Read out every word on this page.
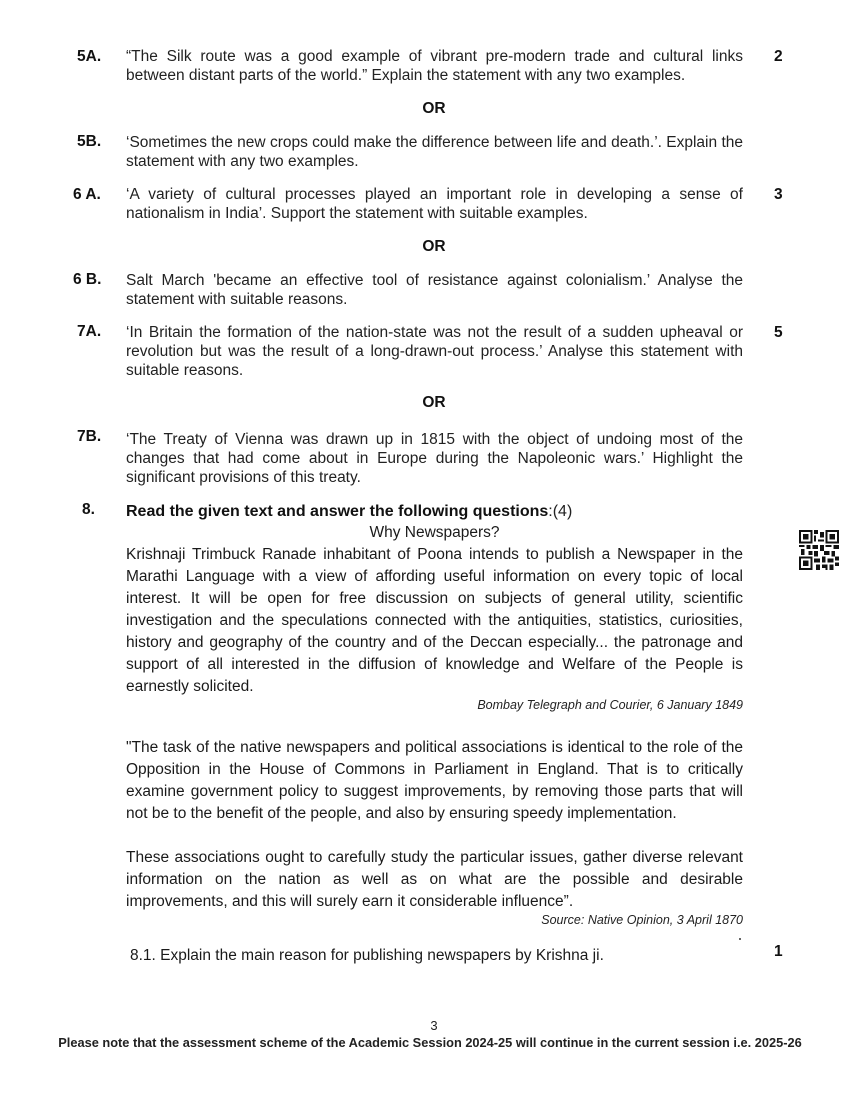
5A. “The Silk route was a good example of vibrant pre-modern trade and cultural links between distant parts of the world.” Explain the statement with any two examples.
2
OR
5B. ‘Sometimes the new crops could make the difference between life and death.’. Explain the statement with any two examples.
6 A. ‘A variety of cultural processes played an important role in developing a sense of nationalism in India’. Support the statement with suitable examples.
3
OR
6 B. Salt March 'became an effective tool of resistance against colonialism.’ Analyse the statement with suitable reasons.
7A. ‘In Britain the formation of the nation-state was not the result of a sudden upheaval or revolution but was the result of a long-drawn-out process.’ Analyse this statement with suitable reasons.
5
OR
7B. ‘The Treaty of Vienna was drawn up in 1815 with the object of undoing most of the changes that had come about in Europe during the Napoleonic wars.’ Highlight the significant provisions of this treaty.
8. Read the given text and answer the following questions:(4)
Why Newspapers?
Krishnaji Trimbuck Ranade inhabitant of Poona intends to publish a Newspaper in the Marathi Language with a view of affording useful information on every topic of local interest. It will be open for free discussion on subjects of general utility, scientific investigation and the speculations connected with the antiquities, statistics, curiosities, history and geography of the country and of the Deccan especially... the patronage and support of all interested in the diffusion of knowledge and Welfare of the People is earnestly solicited.
Bombay Telegraph and Courier, 6 January 1849
"The task of the native newspapers and political associations is identical to the role of the Opposition in the House of Commons in Parliament in England. That is to critically examine government policy to suggest improvements, by removing those parts that will not be to the benefit of the people, and also by ensuring speedy implementation.
These associations ought to carefully study the particular issues, gather diverse relevant information on the nation as well as on what are the possible and desirable improvements, and this will surely earn it considerable influence”.
Source: Native Opinion, 3 April 1870
8.1. Explain the main reason for publishing newspapers by Krishna ji.	1
3
Please note that the assessment scheme of the Academic Session 2024-25 will continue in the current session i.e. 2025-26
